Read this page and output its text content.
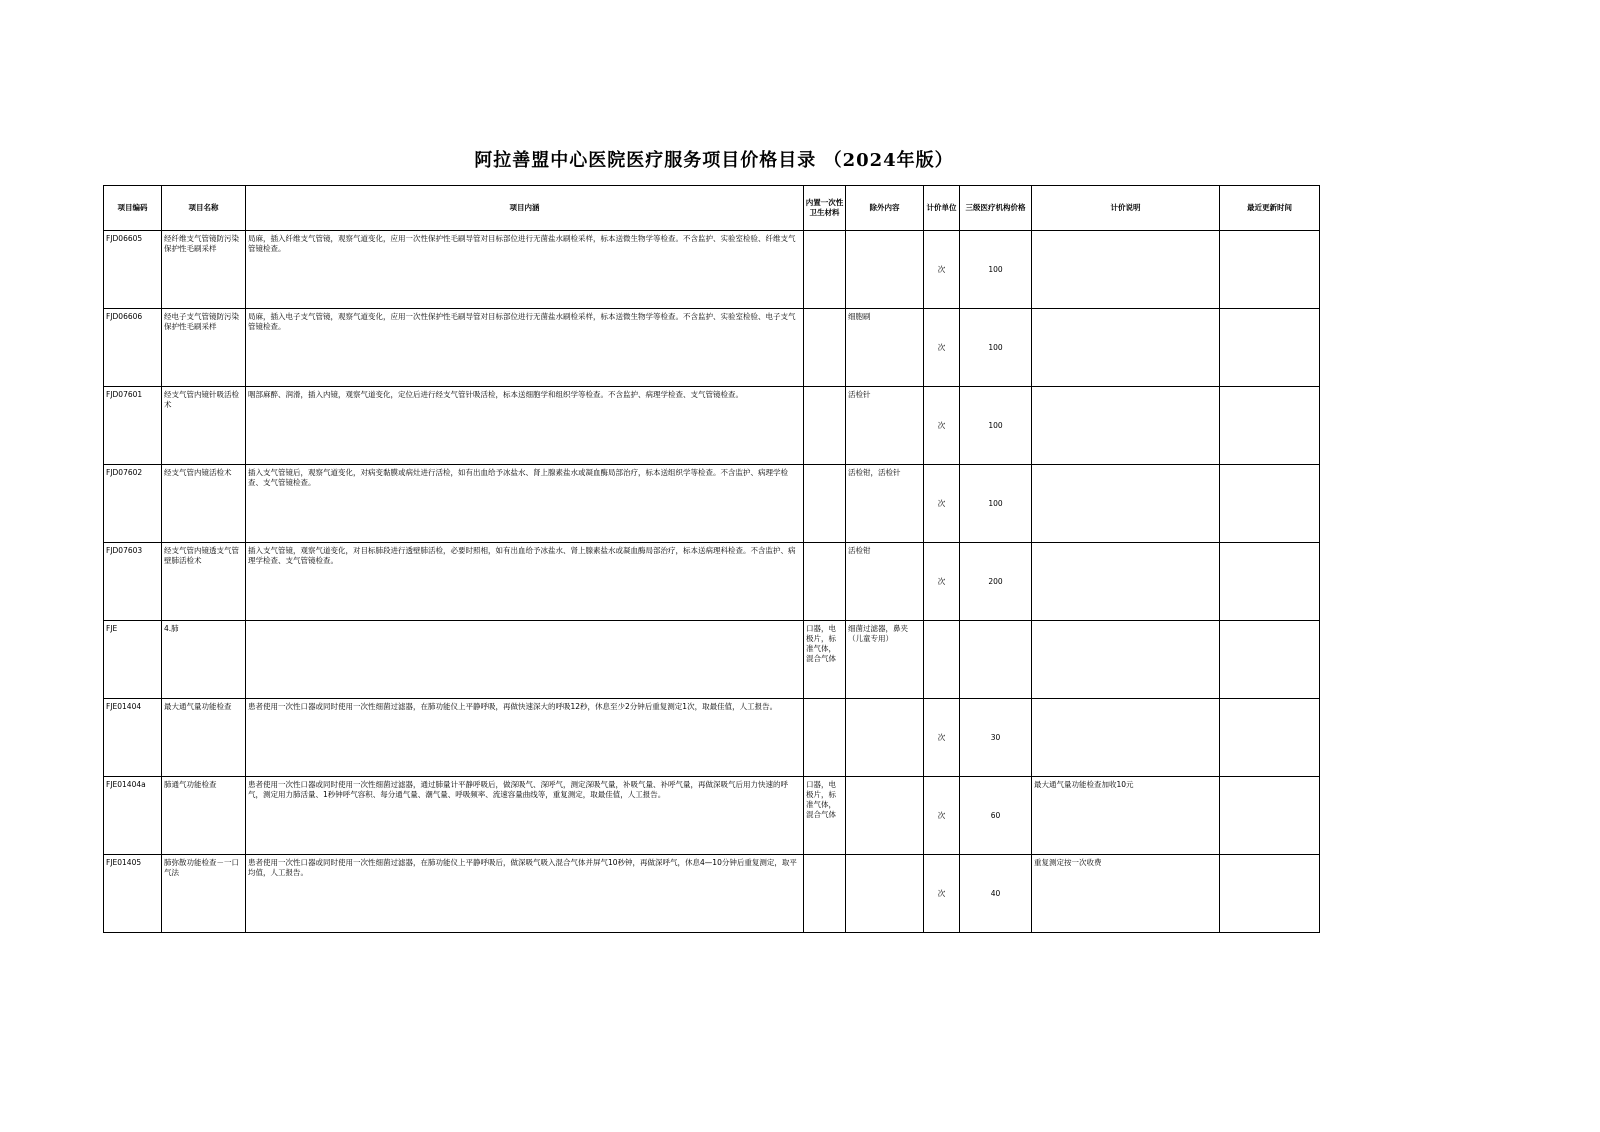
阿拉善盟中心医院医疗服务项目价格目录 （2024年版）
项目编码	项目名称	项目内涵	内置一次性卫生材料	除外内容	计价单位	三级医疗机构价格	计价说明	最近更新时间
FJD06605	经纤维支气管镜防污染保护性毛刷采样	局麻，插入纤维支气管镜，观察气道变化，应用一次性保护性毛刷导管对目标部位进行无菌盐水刷检采样，标本送微生物学等检查。不含监护、实验室检验、纤维支气管镜检查。			次	100		
FJD06606	经电子支气管镜防污染保护性毛刷采样	局麻，插入电子支气管镜，观察气道变化，应用一次性保护性毛刷导管对目标部位进行无菌盐水刷检采样，标本送微生物学等检查。不含监护、实验室检验、电子支气管镜检查。		细胞刷	次	100		
FJD07601	经支气管内镜针吸活检术	咽部麻醉、润滑，插入内镜，观察气道变化，定位后进行经支气管针吸活检，标本送细胞学和组织学等检查。不含监护、病理学检查、支气管镜检查。		活检针	次	100		
FJD07602	经支气管内镜活检术	插入支气管镜后，观察气道变化，对病变黏膜或病灶进行活检，如有出血给予冰盐水、肾上腺素盐水或凝血酶局部治疗，标本送组织学等检查。不含监护、病理学检查、支气管镜检查。		活检钳，活检针	次	100		
FJD07603	经支气管内镜透支气管壁肺活检术	插入支气管镜，观察气道变化，对目标肺段进行透壁肺活检，必要时照相，如有出血给予冰盐水、肾上腺素盐水或凝血酶局部治疗，标本送病理科检查。不含监护、病理学检查、支气管镜检查。		活检钳	次	200		
FJE	4.肺		口器，电极片，标准气体，混合气体	细菌过滤器，鼻夹（儿童专用）				
FJE01404	最大通气量功能检查	患者使用一次性口器或同时使用一次性细菌过滤器，在肺功能仪上平静呼吸，再做快速深大的呼吸12秒，休息至少2分钟后重复测定1次，取最佳值，人工报告。			次	30		
FJE01404a	肺通气功能检查	患者使用一次性口器或同时使用一次性细菌过滤器，通过肺量计平静呼吸后，做深吸气、深呼气，测定深吸气量，补吸气量、补呼气量，再做深吸气后用力快速的呼气，测定用力肺活量、1秒钟呼气容积、每分通气量、潮气量、呼吸频率、流速容量曲线等，重复测定，取最佳值，人工报告。	口器，电极片，标准气体，混合气体		次	60	最大通气量功能检查加收10元	
FJE01405	肺弥散功能检查－一口气法	患者使用一次性口器或同时使用一次性细菌过滤器，在肺功能仪上平静呼吸后，做深吸气吸入混合气体并屏气10秒钟，再做深呼气，休息4—10分钟后重复测定，取平均值，人工报告。			次	40	重复测定按一次收费	
